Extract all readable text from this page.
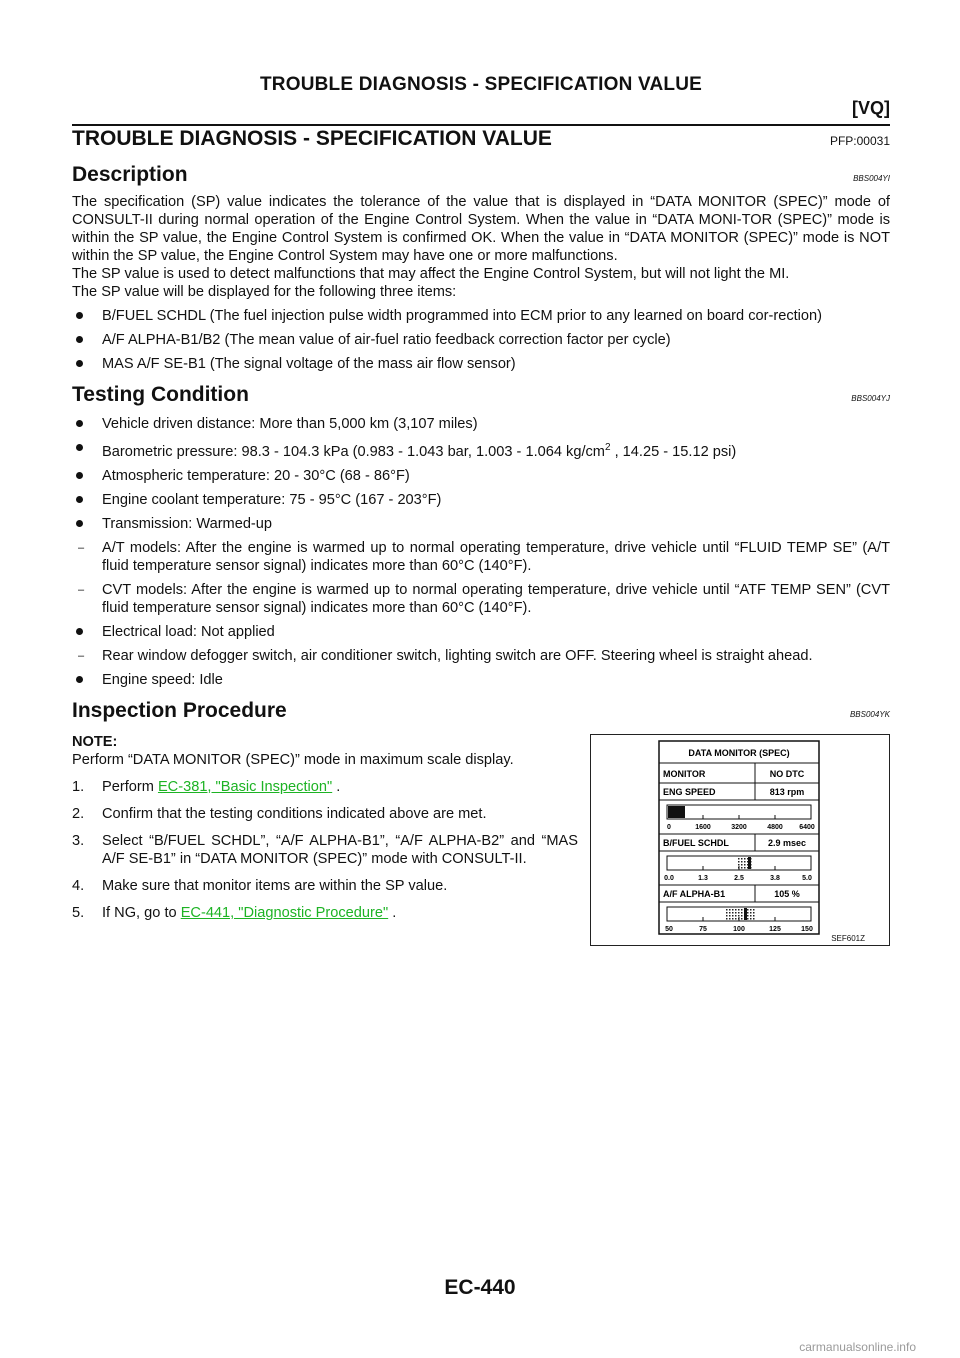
TROUBLE DIAGNOSIS - SPECIFICATION VALUE
[VQ]
TROUBLE DIAGNOSIS - SPECIFICATION VALUE	PFP:00031
Description	BBS004YI

The specification (SP) value indicates the tolerance of the value that is displayed in “DATA MONITOR (SPEC)” mode of CONSULT-II during normal operation of the Engine Control System. When the value in “DATA MONI-TOR (SPEC)” mode is within the SP value, the Engine Control System is confirmed OK. When the value in “DATA MONITOR (SPEC)” mode is NOT within the SP value, the Engine Control System may have one or more malfunctions.

The SP value is used to detect malfunctions that may affect the Engine Control System, but will not light the MI.

The SP value will be displayed for the following three items:

B/FUEL SCHDL (The fuel injection pulse width programmed into ECM prior to any learned on board cor-rection)
A/F ALPHA-B1/B2 (The mean value of air-fuel ratio feedback correction factor per cycle)
MAS A/F SE-B1 (The signal voltage of the mass air flow sensor)
Testing Condition	BBS004YJ
Vehicle driven distance: More than 5,000 km (3,107 miles)
Barometric pressure: 98.3 - 104.3 kPa (0.983 - 1.043 bar, 1.003 - 1.064 $kg/cm^2$ , 14.25 - 15.12 psi)
Atmospheric temperature: 20 - 30°C (68 - 86°F)
Engine coolant temperature: 75 - 95°C (167 - 203°F)
Transmission: Warmed-up
– A/T models: After the engine is warmed up to normal operating temperature, drive vehicle until “FLUID TEMP SE” (A/T fluid temperature sensor signal) indicates more than 60°C (140°F).
– CVT models: After the engine is warmed up to normal operating temperature, drive vehicle until “ATF TEMP SEN” (CVT fluid temperature sensor signal) indicates more than 60°C (140°F).
Electrical load: Not applied
– Rear window defogger switch, air conditioner switch, lighting switch are OFF. Steering wheel is straight ahead.
Engine speed: Idle
Inspection Procedure	BBS004YK
NOTE:

Perform “DATA MONITOR (SPEC)” mode in maximum scale display.

1. Perform EC-381, "Basic Inspection" .
2. Confirm that the testing conditions indicated above are met.
3. Select “B/FUEL SCHDL”, “A/F ALPHA-B1”, “A/F ALPHA-B2” and “MAS A/F SE-B1” in “DATA MONITOR (SPEC)” mode with CONSULT-II.
4. Make sure that monitor items are within the SP value.
5. If NG, go to EC-441, "Diagnostic Procedure" .
DATA MONITOR (SPEC)
MONITOR	NO DTC
ENG SPEED	813 rpm
0	1600	3200	4800 6400
B/FUEL SCHDL	2.9 msec
0.0	1.3	2.5	3.8	5.0
A/F ALPHA-B1	105 %
50	75	100	125	150
SEF601Z
EC-440
carmanualsonline.info
